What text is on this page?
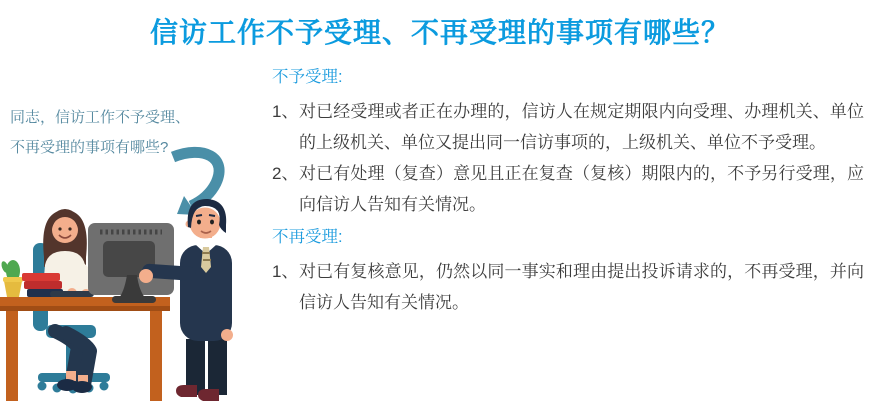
信访工作不予受理、不再受理的事项有哪些？
同志，信访工作不予受理、
不再受理的事项有哪些?
不予受理:
1、 对已经受理或者正在办理的，信访人在规定期限内向受理、办理机关、单位的上级机关、单位又提出同一信访事项的，上级机关、单位不予受理。
2、 对已有处理（复查）意见且正在复查（复核）期限内的，不予另行受理，应向信访人告知有关情况。
不再受理:
1、 对已有复核意见，仍然以同一事实和理由提出投诉请求的，不再受理，并向信访人告知有关情况。
